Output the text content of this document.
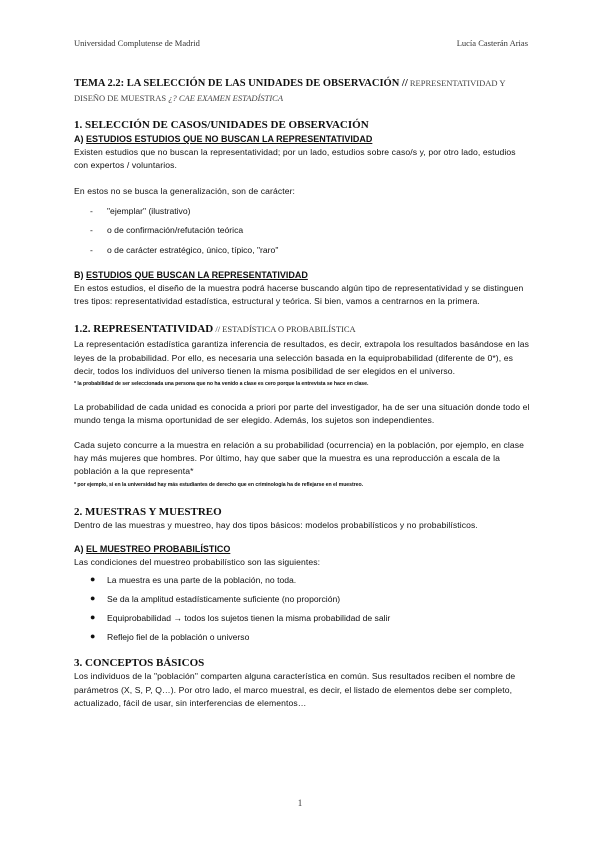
Universidad Complutense de Madrid	Lucía Casterán Arias
TEMA 2.2: LA SELECCIÓN DE LAS UNIDADES DE OBSERVACIÓN // REPRESENTATIVIDAD Y DISEÑO DE MUESTRAS ¿? CAE EXAMEN ESTADÍSTICA
1. SELECCIÓN DE CASOS/UNIDADES DE OBSERVACIÓN
A) ESTUDIOS ESTUDIOS QUE NO BUSCAN LA REPRESENTATIVIDAD

Existen estudios que no buscan la representatividad; por un lado, estudios sobre caso/s y, por otro lado, estudios con expertos / voluntarios.

En estos no se busca la generalización, son de carácter:

- "ejemplar" (ilustrativo)
- o de confirmación/refutación teórica
- o de carácter estratégico, único, típico, "raro"
B) ESTUDIOS QUE BUSCAN LA REPRESENTATIVIDAD

En estos estudios, el diseño de la muestra podrá hacerse buscando algún tipo de representatividad y se distinguen tres tipos: representatividad estadística, estructural y teórica. Si bien, vamos a centrarnos en la primera.

1.2. REPRESENTATIVIDAD // ESTADÍSTICA O PROBABILÍSTICA

La representación estadística garantiza inferencia de resultados, es decir, extrapola los resultados basándose en las leyes de la probabilidad. Por ello, es necesaria una selección basada en la equiprobabilidad (diferente de 0*), es decir, todos los individuos del universo tienen la misma posibilidad de ser elegidos en el universo.

* la probabilidad de ser seleccionada una persona que no ha venido a clase es cero porque la entrevista se hace en clase.

La probabilidad de cada unidad es conocida a priori por parte del investigador, ha de ser una situación donde todo el mundo tenga la misma oportunidad de ser elegido. Además, los sujetos son independientes.

Cada sujeto concurre a la muestra en relación a su probabilidad (ocurrencia) en la población, por ejemplo, en clase hay más mujeres que hombres. Por último, hay que saber que la muestra es una reproducción a escala de la población a la que representa*

* por ejemplo, si en la universidad hay más estudiantes de derecho que en criminología ha de reflejarse en el muestreo.
2. MUESTRAS Y MUESTREO

Dentro de las muestras y muestreo, hay dos tipos básicos: modelos probabilísticos y no probabilísticos.

A) EL MUESTREO PROBABILÍSTICO

Las condiciones del muestreo probabilístico son las siguientes:

● La muestra es una parte de la población, no toda.
● Se da la amplitud estadísticamente suficiente (no proporción)
● Equiprobabilidad → todos los sujetos tienen la misma probabilidad de salir
● Reflejo fiel de la población o universo
3. CONCEPTOS BÁSICOS

Los individuos de la "población" comparten alguna característica en común. Sus resultados reciben el nombre de parámetros (X, S, P, Q…). Por otro lado, el marco muestral, es decir, el listado de elementos debe ser completo, actualizado, fácil de usar, sin interferencias de elementos…

1
